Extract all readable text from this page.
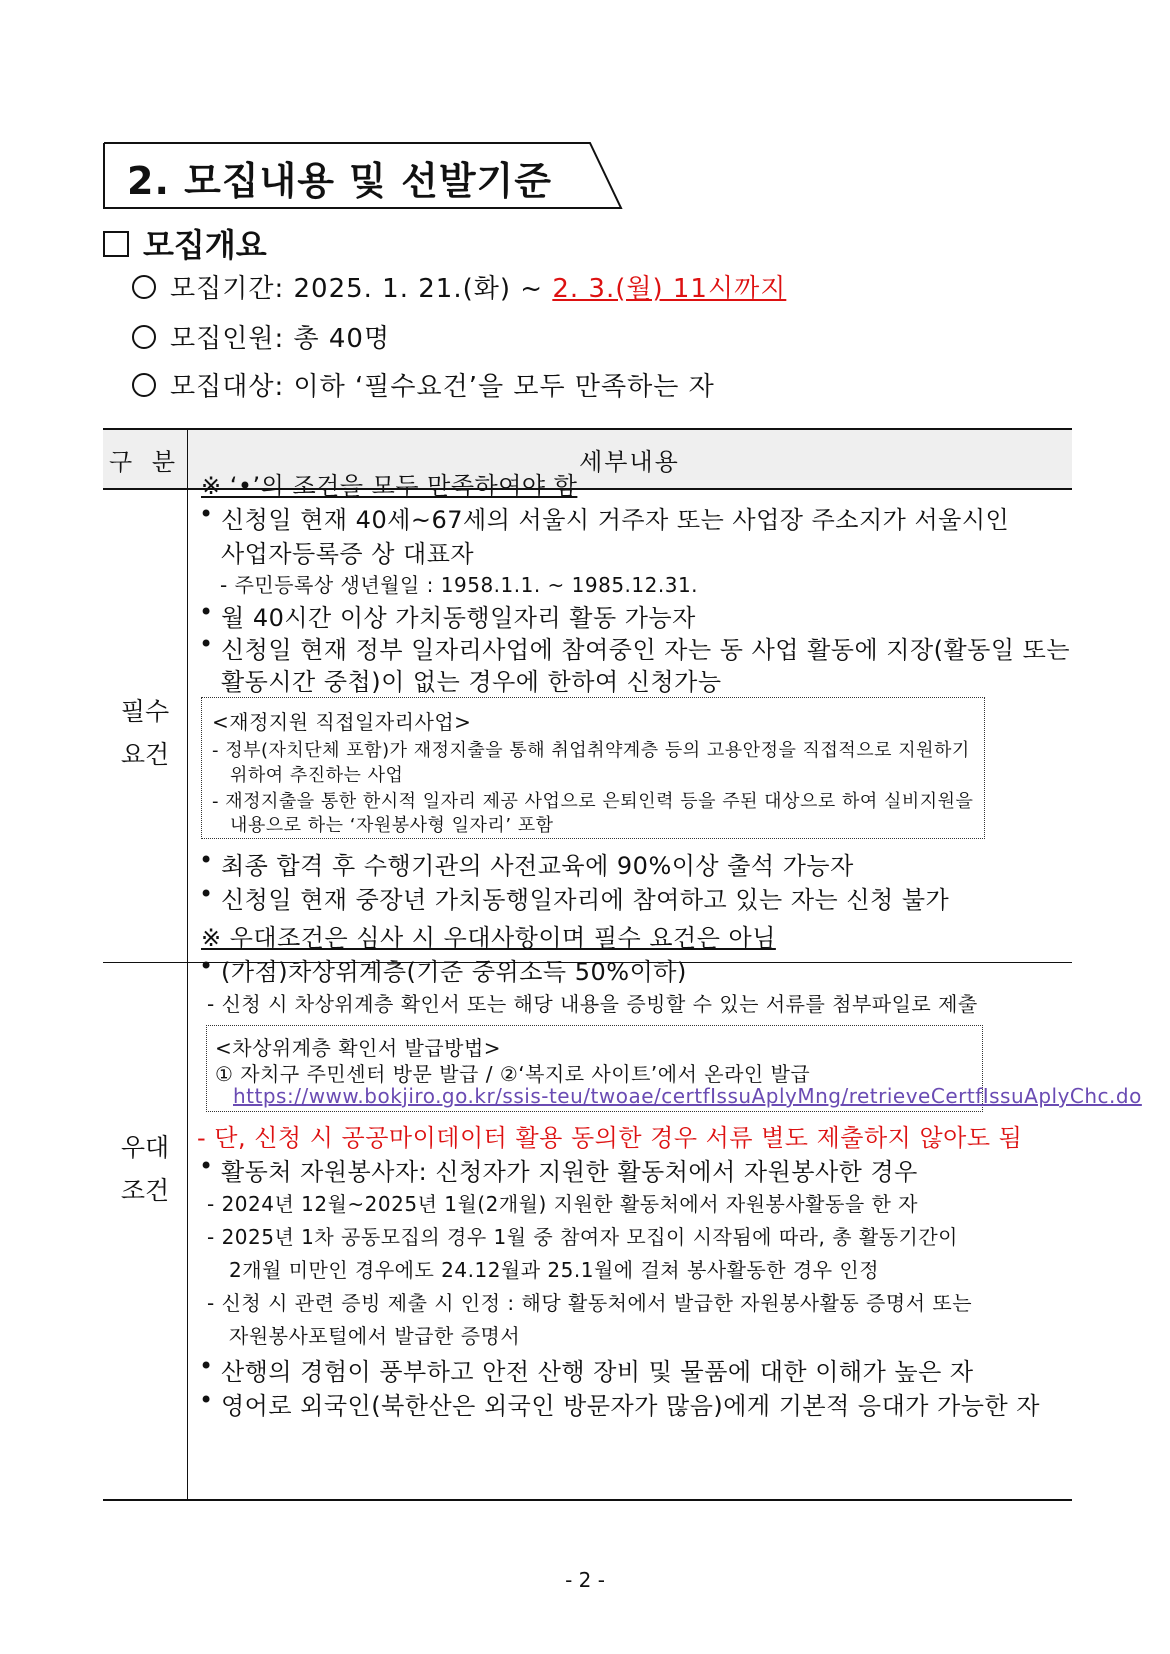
2. 모집내용 및 선발기준
모집개요
모집기간: 2025. 1. 21.(화) ~ 2. 3.(월) 11시까지
모집인원: 총 40명
모집대상: 이하 ‘필수요건’을 모두 만족하는 자
구 분	세부내용
필수
요건
※ ‘•’의 조건을 모두 만족하여야 함
• 신청일 현재 40세~67세의 서울시 거주자 또는 사업장 주소지가 서울시인
사업자등록증 상 대표자
- 주민등록상 생년월일 : 1958.1.1. ~ 1985.12.31.
• 월 40시간 이상 가치동행일자리 활동 가능자
• 신청일 현재 정부 일자리사업에 참여중인 자는 동 사업 활동에 지장(활동일 또는
활동시간 중첩)이 없는 경우에 한하여 신청가능
<재정지원 직접일자리사업>
- 정부(자치단체 포함)가 재정지출을 통해 취업취약계층 등의 고용안정을 직접적으로 지원하기
위하여 추진하는 사업
- 재정지출을 통한 한시적 일자리 제공 사업으로 은퇴인력 등을 주된 대상으로 하여 실비지원을
내용으로 하는 ‘자원봉사형 일자리’ 포함
• 최종 합격 후 수행기관의 사전교육에 90%이상 출석 가능자
• 신청일 현재 중장년 가치동행일자리에 참여하고 있는 자는 신청 불가
우대
조건
※ 우대조건은 심사 시 우대사항이며 필수 요건은 아님
• (가점)차상위계층(기준 중위소득 50%이하)
- 신청 시 차상위계층 확인서 또는 해당 내용을 증빙할 수 있는 서류를 첨부파일로 제출
<차상위계층 확인서 발급방법>
① 자치구 주민센터 방문 발급 / ②‘복지로 사이트’에서 온라인 발급
https://www.bokjiro.go.kr/ssis-teu/twoae/certfIssuAplyMng/retrieveCertfIssuAplyChc.do
- 단, 신청 시 공공마이데이터 활용 동의한 경우 서류 별도 제출하지 않아도 됨
• 활동처 자원봉사자: 신청자가 지원한 활동처에서 자원봉사한 경우
- 2024년 12월~2025년 1월(2개월) 지원한 활동처에서 자원봉사활동을 한 자
- 2025년 1차 공동모집의 경우 1월 중 참여자 모집이 시작됨에 따라, 총 활동기간이
2개월 미만인 경우에도 24.12월과 25.1월에 걸쳐 봉사활동한 경우 인정
- 신청 시 관련 증빙 제출 시 인정 : 해당 활동처에서 발급한 자원봉사활동 증명서 또는
자원봉사포털에서 발급한 증명서
• 산행의 경험이 풍부하고 안전 산행 장비 및 물품에 대한 이해가 높은 자
• 영어로 외국인(북한산은 외국인 방문자가 많음)에게 기본적 응대가 가능한 자
- 2 -
